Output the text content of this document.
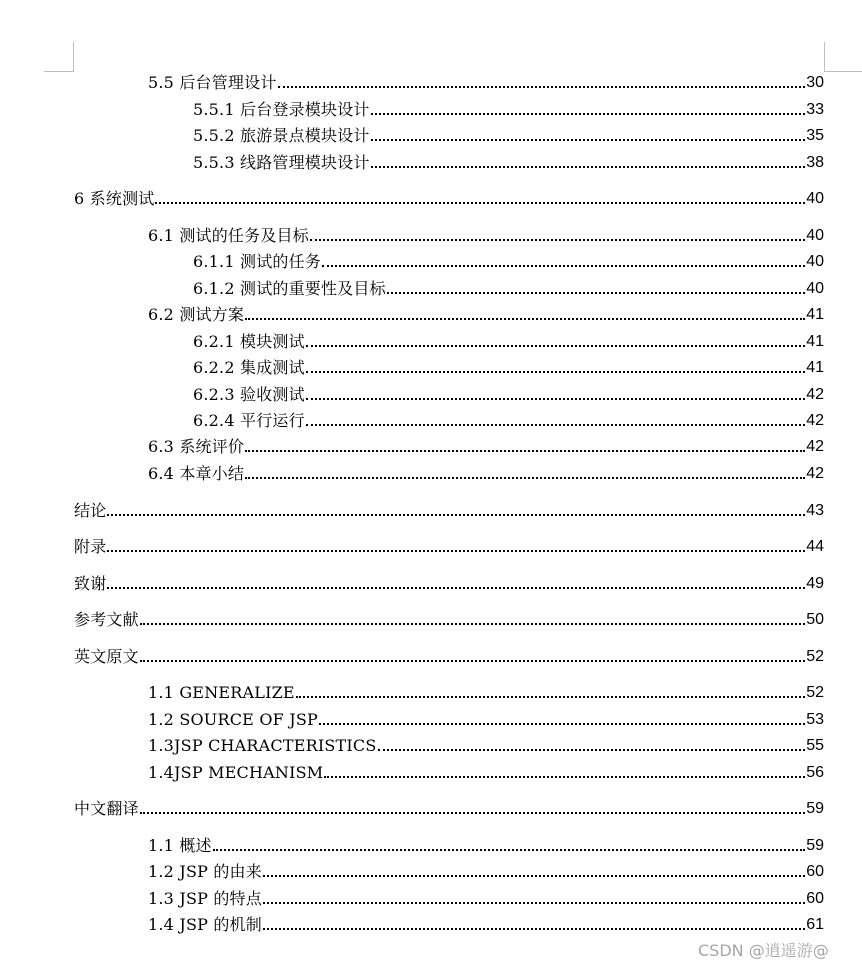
5.5 后台管理设计	30
5.5.1 后台登录模块设计	33
5.5.2 旅游景点模块设计	35
5.5.3 线路管理模块设计	38
6 系统测试	40
6.1 测试的任务及目标	40
6.1.1 测试的任务	40
6.1.2 测试的重要性及目标	40
6.2 测试方案	41
6.2.1 模块测试	41
6.2.2 集成测试	41
6.2.3 验收测试	42
6.2.4 平行运行	42
6.3 系统评价	42
6.4 本章小结	42
结论	43
附录	44
致谢	49
参考文献	50
英文原文	52
1.1 GENERALIZE	52
1.2 SOURCE OF JSP	53
1.3JSP CHARACTERISTICS	55
1.4JSP MECHANISM	56
中文翻译	59
1.1 概述	59
1.2 JSP 的由来	60
1.3 JSP 的特点	60
1.4 JSP 的机制	61
CSDN @逍遥游@
